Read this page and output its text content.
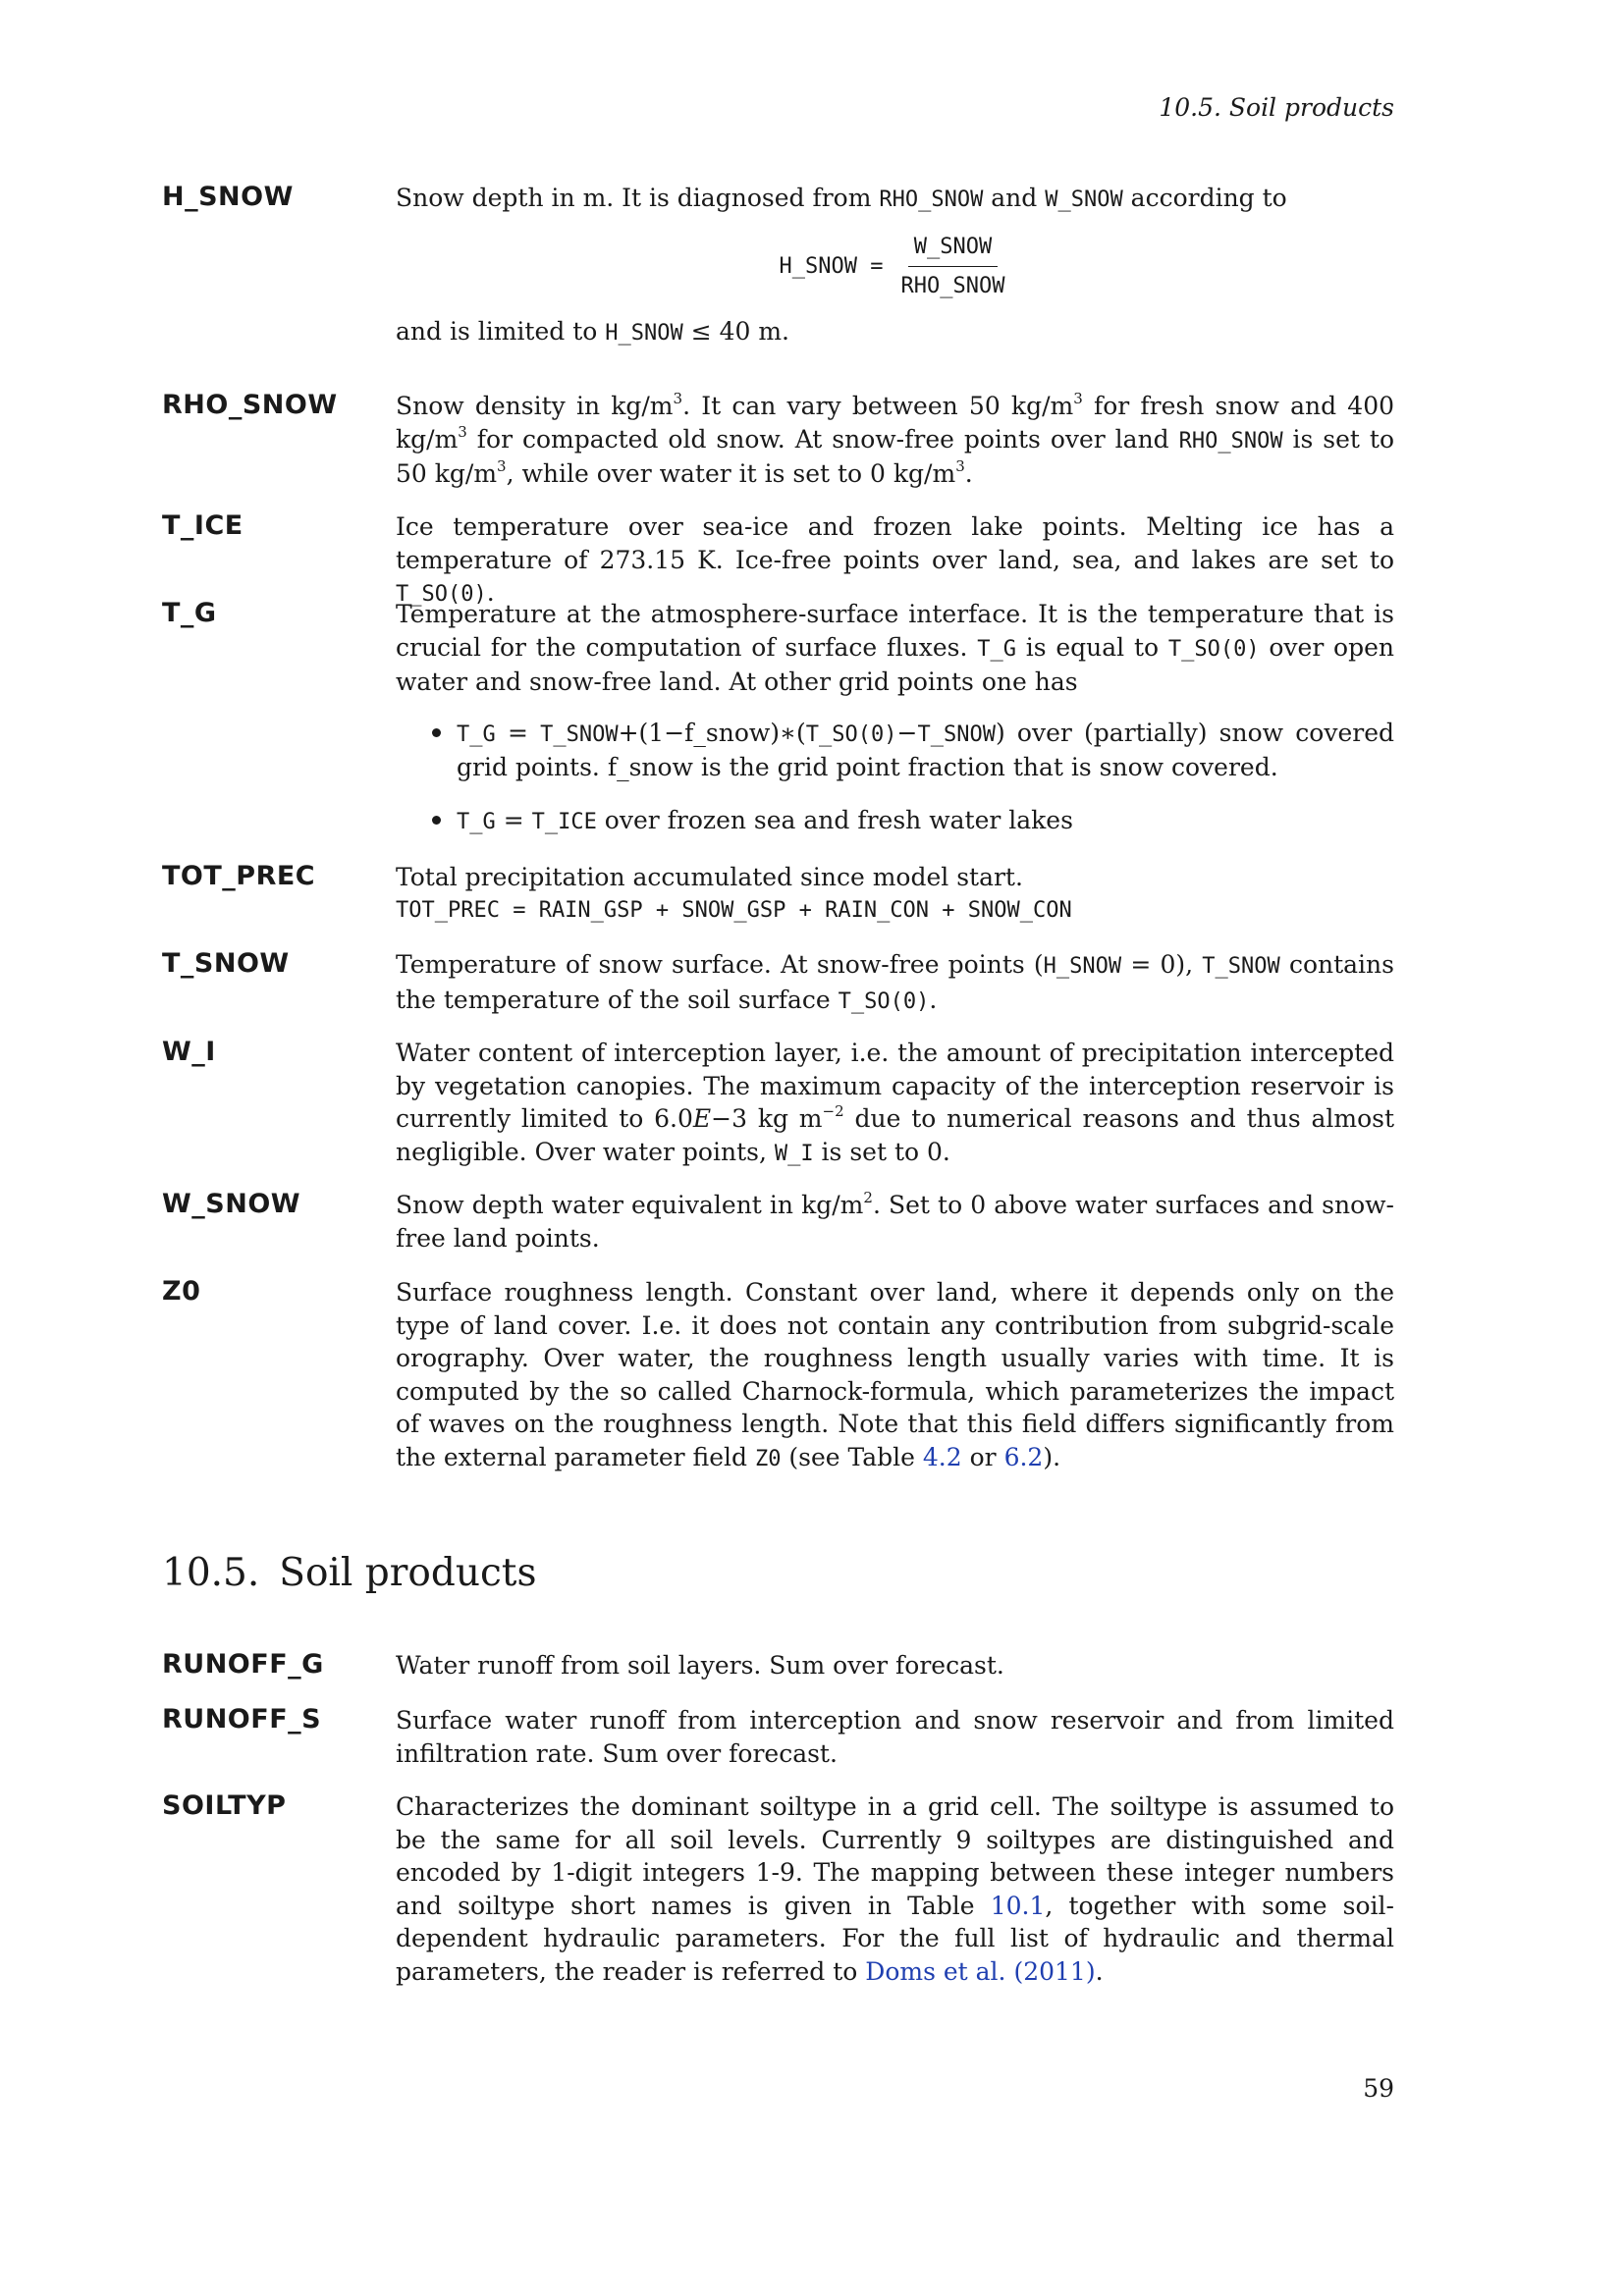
10.5. Soil products
H_SNOW	Snow depth in m. It is diagnosed from RHO_SNOW and W_SNOW according to
H_SNOW = $\frac{\text{W\_SNOW}}{\text{RHO\_SNOW}}$
and is limited to H_SNOW ≤ 40 m.
RHO_SNOW Snow density in $kg/m^3$. It can vary between 50 $kg/m^3$ for fresh snow and 400 $kg/m^3$ for compacted old snow. At snow-free points over land RHO_SNOW is set to 50 $kg/m^3$, while over water it is set to 0 $kg/m^3$.
T_ICE	Ice temperature over sea-ice and frozen lake points. Melting ice has a temperature of 273.15 K. Ice-free points over land, sea, and lakes are set to T_SO(0).
T_G	Temperature at the atmosphere-surface interface. It is the temperature that is crucial for the computation of surface fluxes. T_G is equal to T_SO(0) over open water and snow-free land. At other grid points one has
T_G = T_SNOW+(1−f_snow)∗(T_SO(0)−T_SNOW) over (partially) snow covered grid points. f_snow is the grid point fraction that is snow covered.
T_G = T_ICE over frozen sea and fresh water lakes
TOT_PREC	Total precipitation accumulated since model start.
TOT_PREC = RAIN_GSP + SNOW_GSP + RAIN_CON + SNOW_CON
T_SNOW	Temperature of snow surface. At snow-free points (H_SNOW = 0), T_SNOW contains the temperature of the soil surface T_SO(0).
W_I	Water content of interception layer, i.e. the amount of precipitation intercepted by vegetation canopies. The maximum capacity of the interception reservoir is currently limited to 6.0E−3 kg $m^{-2}$ due to numerical reasons and thus almost negligible. Over water points, W_I is set to 0.
W_SNOW	Snow depth water equivalent in $kg/m^2$. Set to 0 above water surfaces and snow-free land points.
Z0	Surface roughness length. Constant over land, where it depends only on the type of land cover. I.e. it does not contain any contribution from subgrid-scale orography. Over water, the roughness length usually varies with time. It is computed by the so called Charnock-formula, which parameterizes the impact of waves on the roughness length. Note that this field differs significantly from the external parameter field Z0 (see Table 4.2 or 6.2).
10.5. Soil products
RUNOFF_G	Water runoff from soil layers. Sum over forecast.
RUNOFF_S	Surface water runoff from interception and snow reservoir and from limited infiltration rate. Sum over forecast.
SOILTYP	Characterizes the dominant soiltype in a grid cell. The soiltype is assumed to be the same for all soil levels. Currently 9 soiltypes are distinguished and encoded by 1-digit integers 1-9. The mapping between these integer numbers and soiltype short names is given in Table 10.1, together with some soil-dependent hydraulic parameters. For the full list of hydraulic and thermal parameters, the reader is referred to Doms et al. (2011).
59
